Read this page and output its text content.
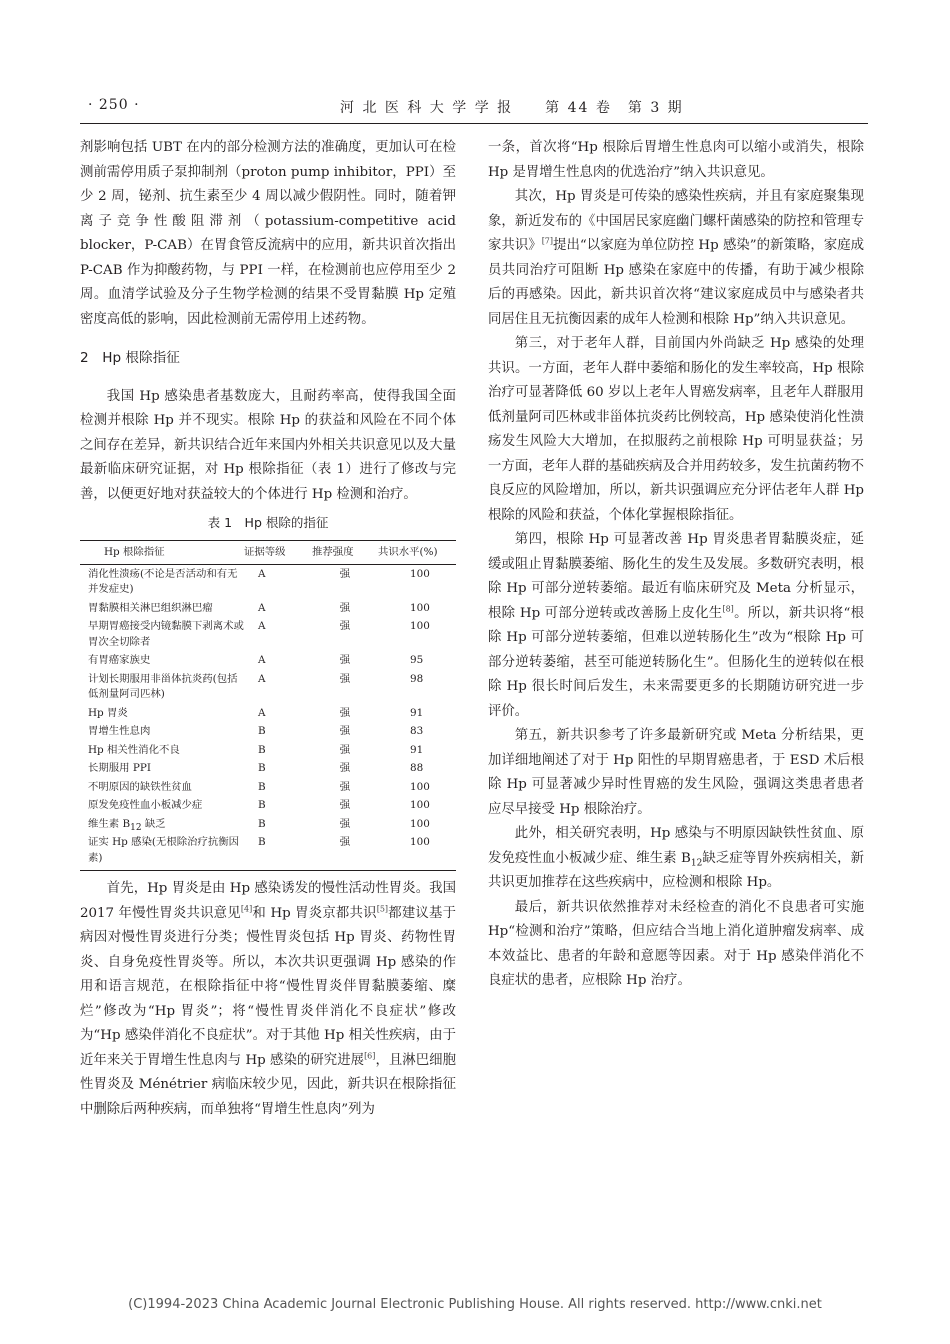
· 250 ·	河 北 医 科 大 学 学 报　　第 44 卷　第 3 期

剂影响包括 UBT 在内的部分检测方法的准确度，更加认可在检测前需停用质子泵抑制剂（proton pump inhibitor，PPI）至少 2 周，铋剂、抗生素至少 4 周以减少假阴性。同时，随着钾离子竞争性酸阻滞剂（potassium-competitive acid blocker，P-CAB）在胃食管反流病中的应用，新共识首次指出 P-CAB 作为抑酸药物，与 PPI 一样，在检测前也应停用至少 2 周。血清学试验及分子生物学检测的结果不受胃黏膜 Hp 定殖密度高低的影响，因此检测前无需停用上述药物。

2　Hp 根除指征

我国 Hp 感染患者基数庞大，且耐药率高，使得我国全面检测并根除 Hp 并不现实。根除 Hp 的获益和风险在不同个体之间存在差异，新共识结合近年来国内外相关共识意见以及大量最新临床研究证据，对 Hp 根除指征（表 1）进行了修改与完善，以便更好地对获益较大的个体进行 Hp 检测和治疗。

表 1　Hp 根除的指征

Hp 根除指征	证据等级	推荐强度	共识水平(%)
消化性溃疡(不论是否活动和有无并发症史)	A	强	100
胃黏膜相关淋巴组织淋巴瘤	A	强	100
早期胃癌接受内镜黏膜下剥离术或胃次全切除者	A	强	100
有胃癌家族史	A	强	95
计划长期服用非甾体抗炎药(包括低剂量阿司匹林)	A	强	98
Hp 胃炎	A	强	91
胃增生性息肉	B	强	83
Hp 相关性消化不良	B	强	91
长期服用 PPI	B	强	88
不明原因的缺铁性贫血	B	强	100
原发免疫性血小板减少症	B	强	100
维生素 B12 缺乏	B	强	100
证实 Hp 感染(无根除治疗抗衡因素)	B	强	100

首先，Hp 胃炎是由 Hp 感染诱发的慢性活动性胃炎。我国 2017 年慢性胃炎共识意见[4]和 Hp 胃炎京都共识[5]都建议基于病因对慢性胃炎进行分类；慢性胃炎包括 Hp 胃炎、药物性胃炎、自身免疫性胃炎等。所以，本次共识更强调 Hp 感染的作用和语言规范，在根除指征中将“慢性胃炎伴胃黏膜萎缩、糜烂”修改为“Hp 胃炎”；将“慢性胃炎伴消化不良症状”修改为“Hp 感染伴消化不良症状”。对于其他 Hp 相关性疾病，由于近年来关于胃增生性息肉与 Hp 感染的研究进展[6]，且淋巴细胞性胃炎及 Ménétrier 病临床较少见，因此，新共识在根除指征中删除后两种疾病，而单独将“胃增生性息肉”列为

一条，首次将“Hp 根除后胃增生性息肉可以缩小或消失，根除 Hp 是胃增生性息肉的优选治疗”纳入共识意见。

其次，Hp 胃炎是可传染的感染性疾病，并且有家庭聚集现象，新近发布的《中国居民家庭幽门螺杆菌感染的防控和管理专家共识》[7]提出“以家庭为单位防控 Hp 感染”的新策略，家庭成员共同治疗可阻断 Hp 感染在家庭中的传播，有助于减少根除后的再感染。因此，新共识首次将“建议家庭成员中与感染者共同居住且无抗衡因素的成年人检测和根除 Hp”纳入共识意见。

第三，对于老年人群，目前国内外尚缺乏 Hp 感染的处理共识。一方面，老年人群中萎缩和肠化的发生率较高，Hp 根除治疗可显著降低 60 岁以上老年人胃癌发病率，且老年人群服用低剂量阿司匹林或非甾体抗炎药比例较高，Hp 感染使消化性溃疡发生风险大大增加，在拟服药之前根除 Hp 可明显获益；另一方面，老年人群的基础疾病及合并用药较多，发生抗菌药物不良反应的风险增加，所以，新共识强调应充分评估老年人群 Hp 根除的风险和获益，个体化掌握根除指征。

第四，根除 Hp 可显著改善 Hp 胃炎患者胃黏膜炎症，延缓或阻止胃黏膜萎缩、肠化生的发生及发展。多数研究表明，根除 Hp 可部分逆转萎缩。最近有临床研究及 Meta 分析显示，根除 Hp 可部分逆转或改善肠上皮化生[8]。所以，新共识将“根除 Hp 可部分逆转萎缩，但难以逆转肠化生”改为“根除 Hp 可部分逆转萎缩，甚至可能逆转肠化生”。但肠化生的逆转似在根除 Hp 很长时间后发生，未来需要更多的长期随访研究进一步评价。

第五，新共识参考了许多最新研究或 Meta 分析结果，更加详细地阐述了对于 Hp 阳性的早期胃癌患者，于 ESD 术后根除 Hp 可显著减少异时性胃癌的发生风险，强调这类患者患者应尽早接受 Hp 根除治疗。

此外，相关研究表明，Hp 感染与不明原因缺铁性贫血、原发免疫性血小板减少症、维生素 $B_{12}$缺乏症等胃外疾病相关，新共识更加推荐在这些疾病中，应检测和根除 Hp。

最后，新共识依然推荐对未经检查的消化不良患者可实施 Hp“检测和治疗”策略，但应结合当地上消化道肿瘤发病率、成本效益比、患者的年龄和意愿等因素。对于 Hp 感染伴消化不良症状的患者，应根除 Hp 治疗。

(C)1994-2023 China Academic Journal Electronic Publishing House. All rights reserved. http://www.cnki.net
